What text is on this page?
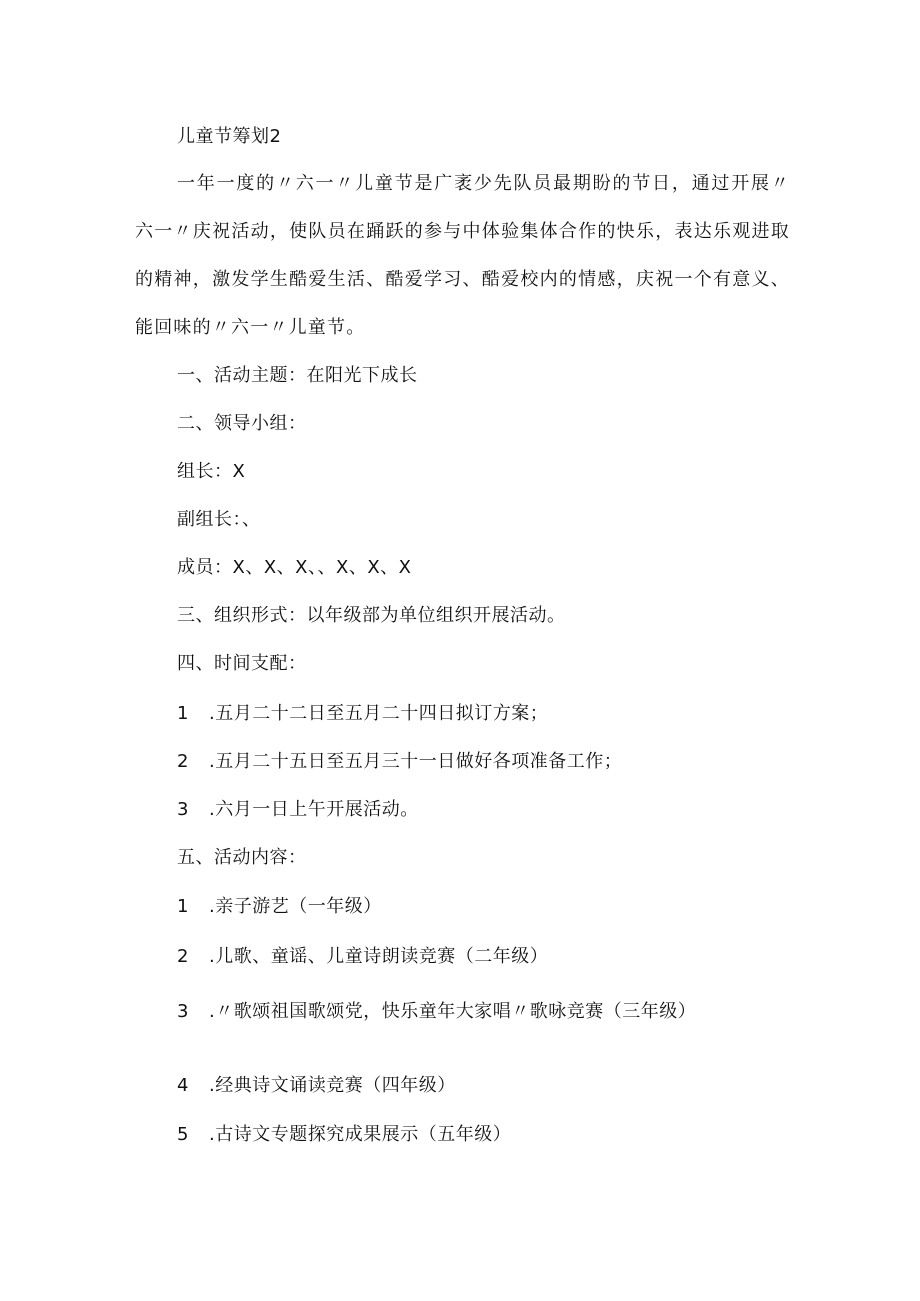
儿童节筹划2
一年一度的〃六一〃儿童节是广袤少先队员最期盼的节日，通过开展〃六一〃庆祝活动，使队员在踊跃的参与中体验集体合作的快乐，表达乐观进取的精神，激发学生酷爱生活、酷爱学习、酷爱校内的情感，庆祝一个有意义、能回味的〃六一〃儿童节。
一、活动主题：在阳光下成长
二、领导小组：
组长：X
副组长：、
成员：X、X、X、、X、X、X
三、组织形式：以年级部为单位组织开展活动。
四、时间支配：
1 .五月二十二日至五月二十四日拟订方案；
2 .五月二十五日至五月三十一日做好各项准备工作；
3 .六月一日上午开展活动。
五、活动内容：
1 .亲子游艺（一年级）
2 .儿歌、童谣、儿童诗朗读竞赛（二年级）
3 .〃歌颂祖国歌颂党，快乐童年大家唱〃歌咏竞赛（三年级）
4 .经典诗文诵读竞赛（四年级）
5 .古诗文专题探究成果展示（五年级）
